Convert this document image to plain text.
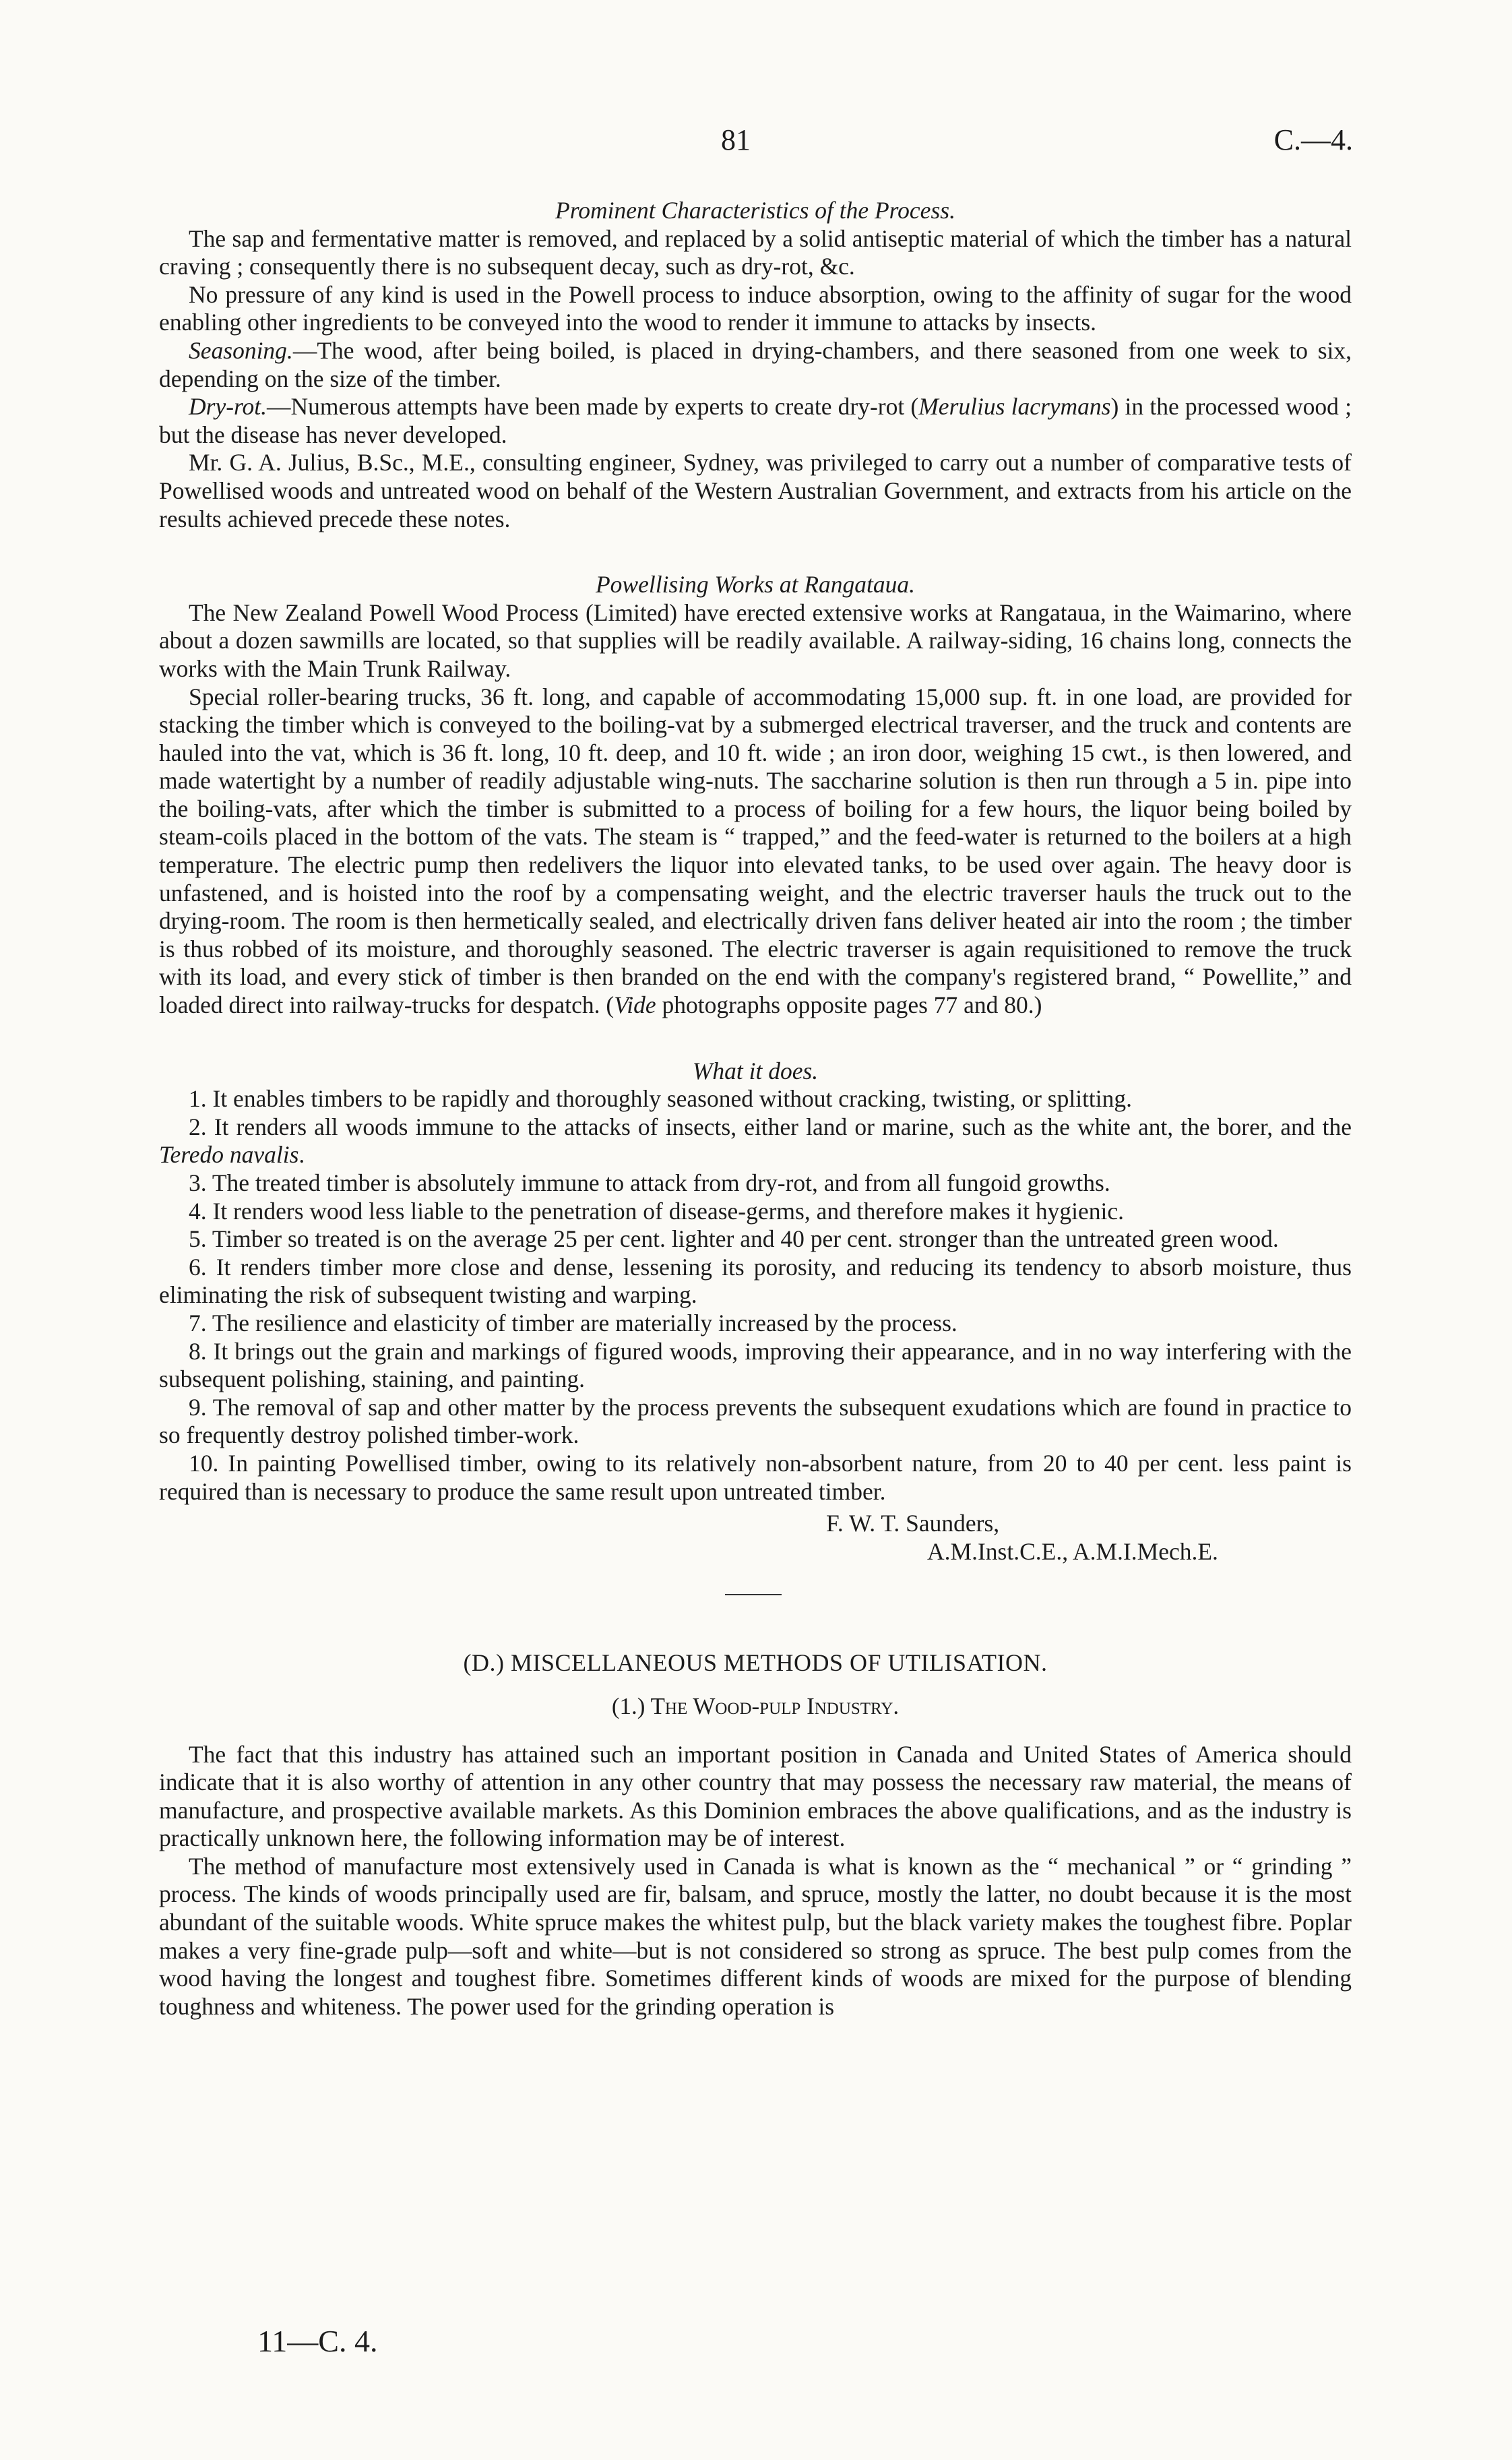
81	C.—4.

Prominent Characteristics of the Process.

The sap and fermentative matter is removed, and replaced by a solid antiseptic material of which the timber has a natural craving ; consequently there is no subsequent decay, such as dry-rot, &c.

No pressure of any kind is used in the Powell process to induce absorption, owing to the affinity of sugar for the wood enabling other ingredients to be conveyed into the wood to render it immune to attacks by insects.

Seasoning.—The wood, after being boiled, is placed in drying-chambers, and there seasoned from one week to six, depending on the size of the timber.

Dry-rot.—Numerous attempts have been made by experts to create dry-rot (Merulius lacrymans) in the processed wood ; but the disease has never developed.

Mr. G. A. Julius, B.Sc., M.E., consulting engineer, Sydney, was privileged to carry out a number of comparative tests of Powellised woods and untreated wood on behalf of the Western Australian Government, and extracts from his article on the results achieved precede these notes.

Powellising Works at Rangataua.

The New Zealand Powell Wood Process (Limited) have erected extensive works at Rangataua, in the Waimarino, where about a dozen sawmills are located, so that supplies will be readily available. A railway-siding, 16 chains long, connects the works with the Main Trunk Railway.

Special roller-bearing trucks, 36 ft. long, and capable of accommodating 15,000 sup. ft. in one load, are provided for stacking the timber which is conveyed to the boiling-vat by a submerged electrical traverser, and the truck and contents are hauled into the vat, which is 36 ft. long, 10 ft. deep, and 10 ft. wide ; an iron door, weighing 15 cwt., is then lowered, and made watertight by a number of readily adjustable wing-nuts. The saccharine solution is then run through a 5 in. pipe into the boiling-vats, after which the timber is submitted to a process of boiling for a few hours, the liquor being boiled by steam-coils placed in the bottom of the vats. The steam is “ trapped,” and the feed-water is returned to the boilers at a high temperature. The electric pump then redelivers the liquor into elevated tanks, to be used over again. The heavy door is unfastened, and is hoisted into the roof by a compensating weight, and the electric traverser hauls the truck out to the drying-room. The room is then hermetically sealed, and electrically driven fans deliver heated air into the room ; the timber is thus robbed of its moisture, and thoroughly seasoned. The electric traverser is again requisitioned to remove the truck with its load, and every stick of timber is then branded on the end with the company's registered brand, “ Powellite,” and loaded direct into railway-trucks for despatch. (Vide photographs opposite pages 77 and 80.)

What it does.

1. It enables timbers to be rapidly and thoroughly seasoned without cracking, twisting, or splitting.

2. It renders all woods immune to the attacks of insects, either land or marine, such as the white ant, the borer, and the Teredo navalis.

3. The treated timber is absolutely immune to attack from dry-rot, and from all fungoid growths.

4. It renders wood less liable to the penetration of disease-germs, and therefore makes it hygienic.

5. Timber so treated is on the average 25 per cent. lighter and 40 per cent. stronger than the untreated green wood.

6. It renders timber more close and dense, lessening its porosity, and reducing its tendency to absorb moisture, thus eliminating the risk of subsequent twisting and warping.

7. The resilience and elasticity of timber are materially increased by the process.

8. It brings out the grain and markings of figured woods, improving their appearance, and in no way interfering with the subsequent polishing, staining, and painting.

9. The removal of sap and other matter by the process prevents the subsequent exudations which are found in practice to so frequently destroy polished timber-work.

10. In painting Powellised timber, owing to its relatively non-absorbent nature, from 20 to 40 per cent. less paint is required than is necessary to produce the same result upon untreated timber.

F. W. T. Saunders,
A.M.Inst.C.E., A.M.I.Mech.E.
(D.) MISCELLANEOUS METHODS OF UTILISATION.
(1.) The Wood-pulp Industry.

The fact that this industry has attained such an important position in Canada and United States of America should indicate that it is also worthy of attention in any other country that may possess the necessary raw material, the means of manufacture, and prospective available markets. As this Dominion embraces the above qualifications, and as the industry is practically unknown here, the following information may be of interest.

The method of manufacture most extensively used in Canada is what is known as the “ mechanical ” or “ grinding ” process. The kinds of woods principally used are fir, balsam, and spruce, mostly the latter, no doubt because it is the most abundant of the suitable woods. White spruce makes the whitest pulp, but the black variety makes the toughest fibre. Poplar makes a very fine-grade pulp—soft and white—but is not considered so strong as spruce. The best pulp comes from the wood having the longest and toughest fibre. Sometimes different kinds of woods are mixed for the purpose of blending toughness and whiteness. The power used for the grinding operation is

11—C. 4.
